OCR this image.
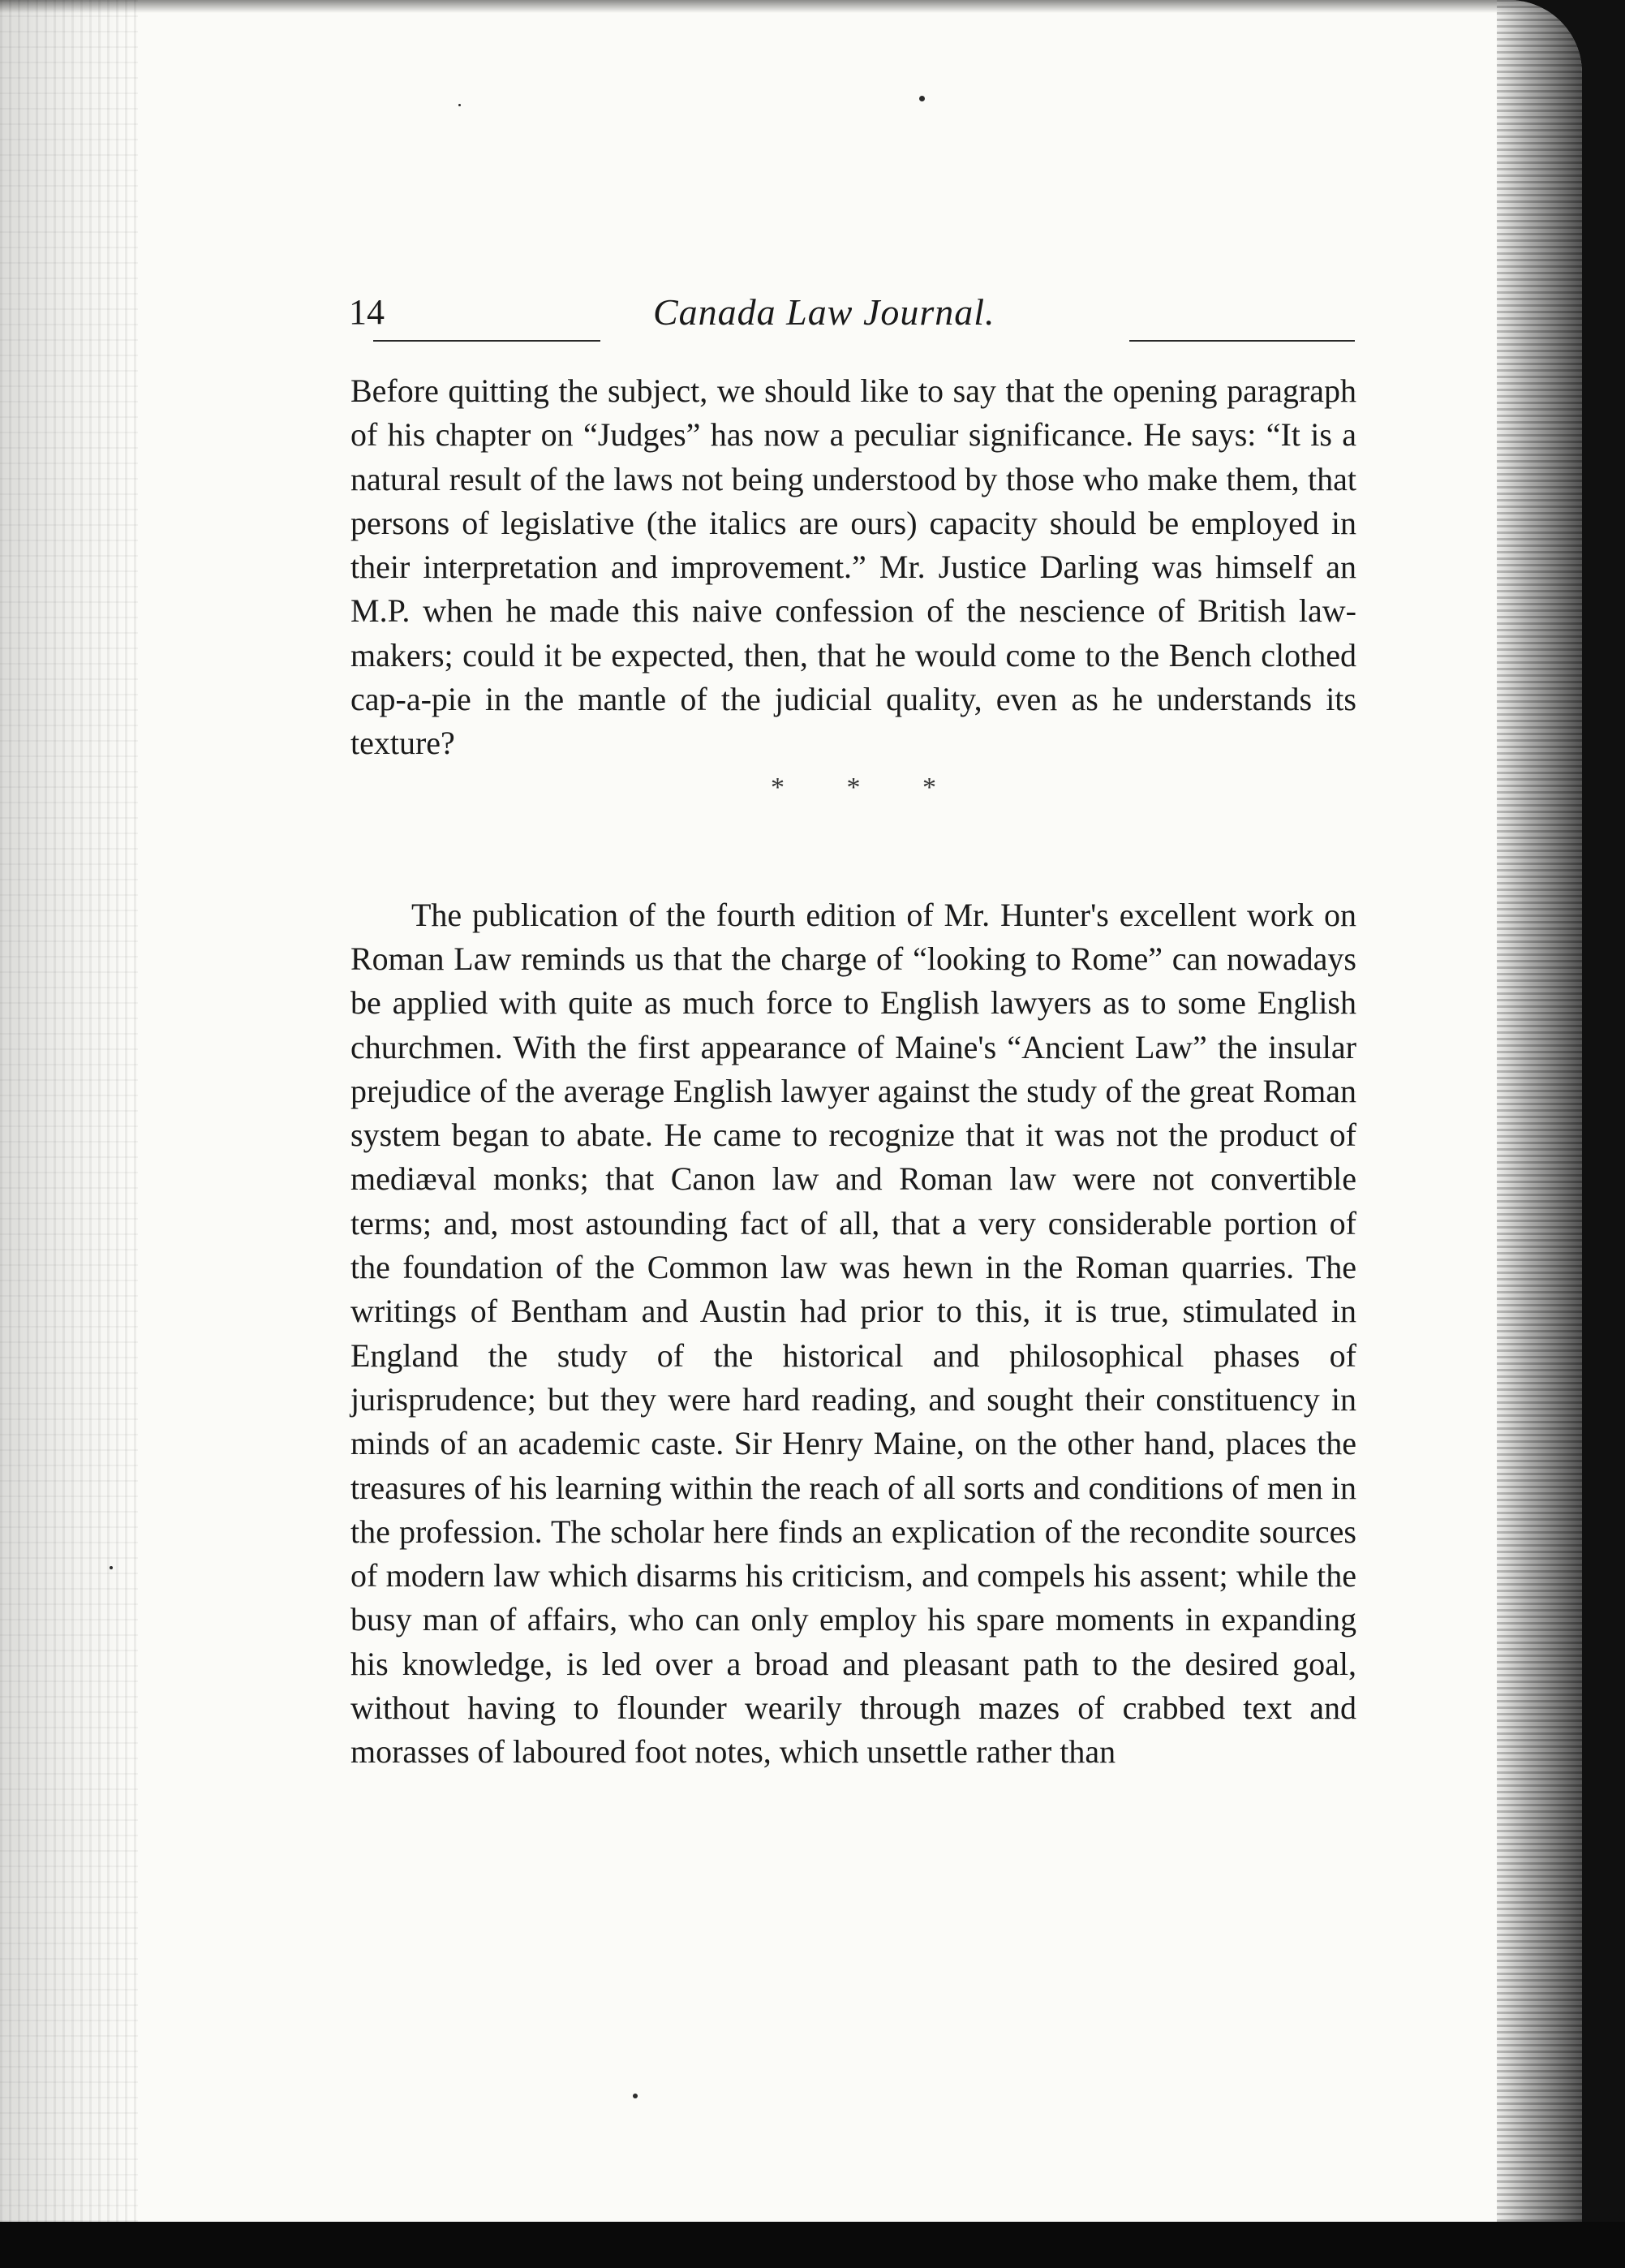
14	Canada Law Journal.

Before quitting the subject, we should like to say that the opening paragraph of his chapter on “Judges” has now a peculiar significance. He says: “It is a natural result of the laws not being understood by those who make them, that persons of legislative (the italics are ours) capacity should be employed in their interpretation and improvement.” Mr. Justice Darling was himself an M.P. when he made this naive confession of the nescience of British law-makers; could it be expected, then, that he would come to the Bench clothed cap-a-pie in the mantle of the judicial quality, even as he understands its texture?

* * *

The publication of the fourth edition of Mr. Hunter's excellent work on Roman Law reminds us that the charge of “looking to Rome” can nowadays be applied with quite as much force to English lawyers as to some English churchmen. With the first appearance of Maine's “Ancient Law” the insular prejudice of the average English lawyer against the study of the great Roman system began to abate. He came to recognize that it was not the product of mediæval monks; that Canon law and Roman law were not convertible terms; and, most astounding fact of all, that a very considerable portion of the foundation of the Common law was hewn in the Roman quarries. The writings of Bentham and Austin had prior to this, it is true, stimulated in England the study of the historical and philosophical phases of jurisprudence; but they were hard reading, and sought their constituency in minds of an academic caste. Sir Henry Maine, on the other hand, places the treasures of his learning within the reach of all sorts and conditions of men in the profession. The scholar here finds an explication of the recondite sources of modern law which disarms his criticism, and compels his assent; while the busy man of affairs, who can only employ his spare moments in expanding his knowledge, is led over a broad and pleasant path to the desired goal, without having to flounder wearily through mazes of crabbed text and morasses of laboured foot notes, which unsettle rather than
